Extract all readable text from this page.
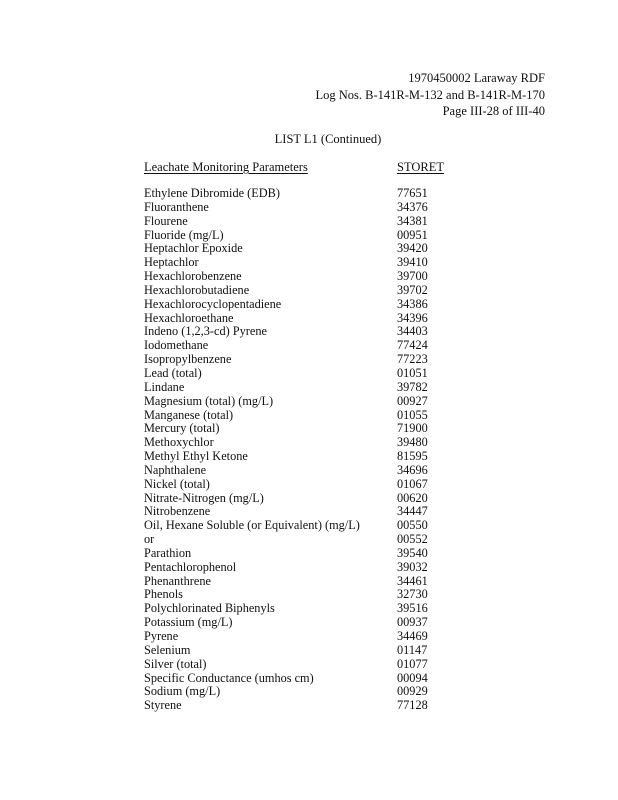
1970450002 Laraway RDF
Log Nos. B-141R-M-132 and B-141R-M-170
Page III-28 of III-40
LIST L1 (Continued)
Leachate Monitoring Parameters	STORET
Ethylene Dibromide (EDB)	77651
Fluoranthene	34376
Flourene	34381
Fluoride (mg/L)	00951
Heptachlor Epoxide	39420
Heptachlor	39410
Hexachlorobenzene	39700
Hexachlorobutadiene	39702
Hexachlorocyclopentadiene	34386
Hexachloroethane	34396
Indeno (1,2,3-cd) Pyrene	34403
Iodomethane	77424
Isopropylbenzene	77223
Lead (total)	01051
Lindane	39782
Magnesium (total) (mg/L)	00927
Manganese (total)	01055
Mercury (total)	71900
Methoxychlor	39480
Methyl Ethyl Ketone	81595
Naphthalene	34696
Nickel (total)	01067
Nitrate-Nitrogen (mg/L)	00620
Nitrobenzene	34447
Oil, Hexane Soluble (or Equivalent) (mg/L)	00550
or	00552
Parathion	39540
Pentachlorophenol	39032
Phenanthrene	34461
Phenols	32730
Polychlorinated Biphenyls	39516
Potassium (mg/L)	00937
Pyrene	34469
Selenium	01147
Silver (total)	01077
Specific Conductance (umhos cm)	00094
Sodium (mg/L)	00929
Styrene	77128
